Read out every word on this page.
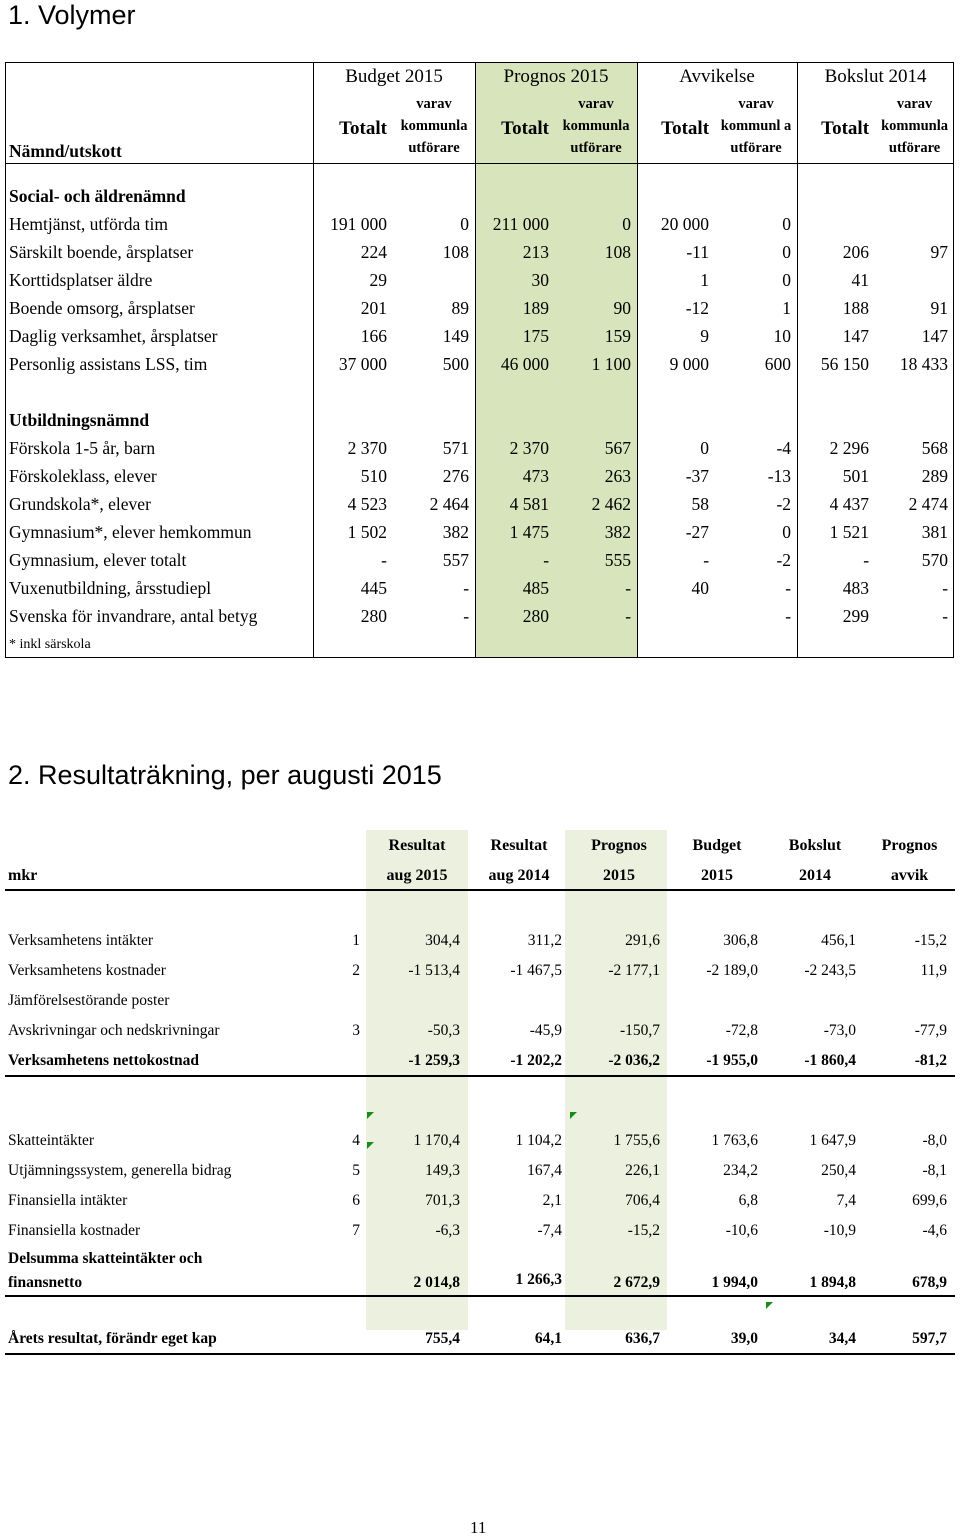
1. Volymer
	Budget 2015		Prognos 2015		Avvikelse		Bokslut 2014	
Nämnd/utskott	Totalt	varav kommunla utförare	Totalt	varav kommunla utförare	Totalt	varav kommunl a utförare	Totalt	varav kommunla utförare

Social- och äldrenämnd								
Hemtjänst, utförda tim	191 000	0	211 000	0	20 000	0		
Särskilt boende, årsplatser	224	108	213	108	-11	0	206	97
Korttidsplatser äldre	29		30		1	0	41	
Boende omsorg, årsplatser	201	89	189	90	-12	1	188	91
Daglig verksamhet, årsplatser	166	149	175	159	9	10	147	147
Personlig assistans LSS, tim	37 000	500	46 000	1 100	9 000	600	56 150	18 433

Utbildningsnämnd								
Förskola 1-5 år, barn	2 370	571	2 370	567	0	-4	2 296	568
Förskoleklass, elever	510	276	473	263	-37	-13	501	289
Grundskola*, elever	4 523	2 464	4 581	2 462	58	-2	4 437	2 474
Gymnasium*, elever hemkommun	1 502	382	1 475	382	-27	0	1 521	381
Gymnasium, elever totalt	-	557	-	555	-	-2	-	570
Vuxenutbildning, årsstudiepl	445	-	485	-	40	-	483	-
Svenska för invandrare, antal betyg	280	-	280	-		-	299	-
* inkl särskola								
2. Resultaträkning, per augusti 2015
		Resultat	Resultat	Prognos	Budget	Bokslut	Prognos
mkr		aug 2015	aug 2014	2015	2015	2014	avvik

Verksamhetens intäkter	1	304,4	311,2	291,6	306,8	456,1	-15,2
Verksamhetens kostnader	2	-1 513,4	-1 467,5	-2 177,1	-2 189,0	-2 243,5	11,9
Jämförelsestörande poster							
Avskrivningar och nedskrivningar	3	-50,3	-45,9	-150,7	-72,8	-73,0	-77,9
Verksamhetens nettokostnad		-1 259,3	-1 202,2	-2 036,2	-1 955,0	-1 860,4	-81,2

Skatteintäkter	4	1 170,4	1 104,2	1 755,6	1 763,6	1 647,9	-8,0
Utjämningssystem, generella bidrag	5	149,3	167,4	226,1	234,2	250,4	-8,1
Finansiella intäkter	6	701,3	2,1	706,4	6,8	7,4	699,6
Finansiella kostnader	7	-6,3	-7,4	-15,2	-10,6	-10,9	-4,6

Delsumma skatteintäkter och finansnetto		2 014,8	1 266,3	2 672,9	1 994,0	1 894,8	678,9

Årets resultat, förändr eget kap		755,4	64,1	636,7	39,0	34,4	597,7
11
